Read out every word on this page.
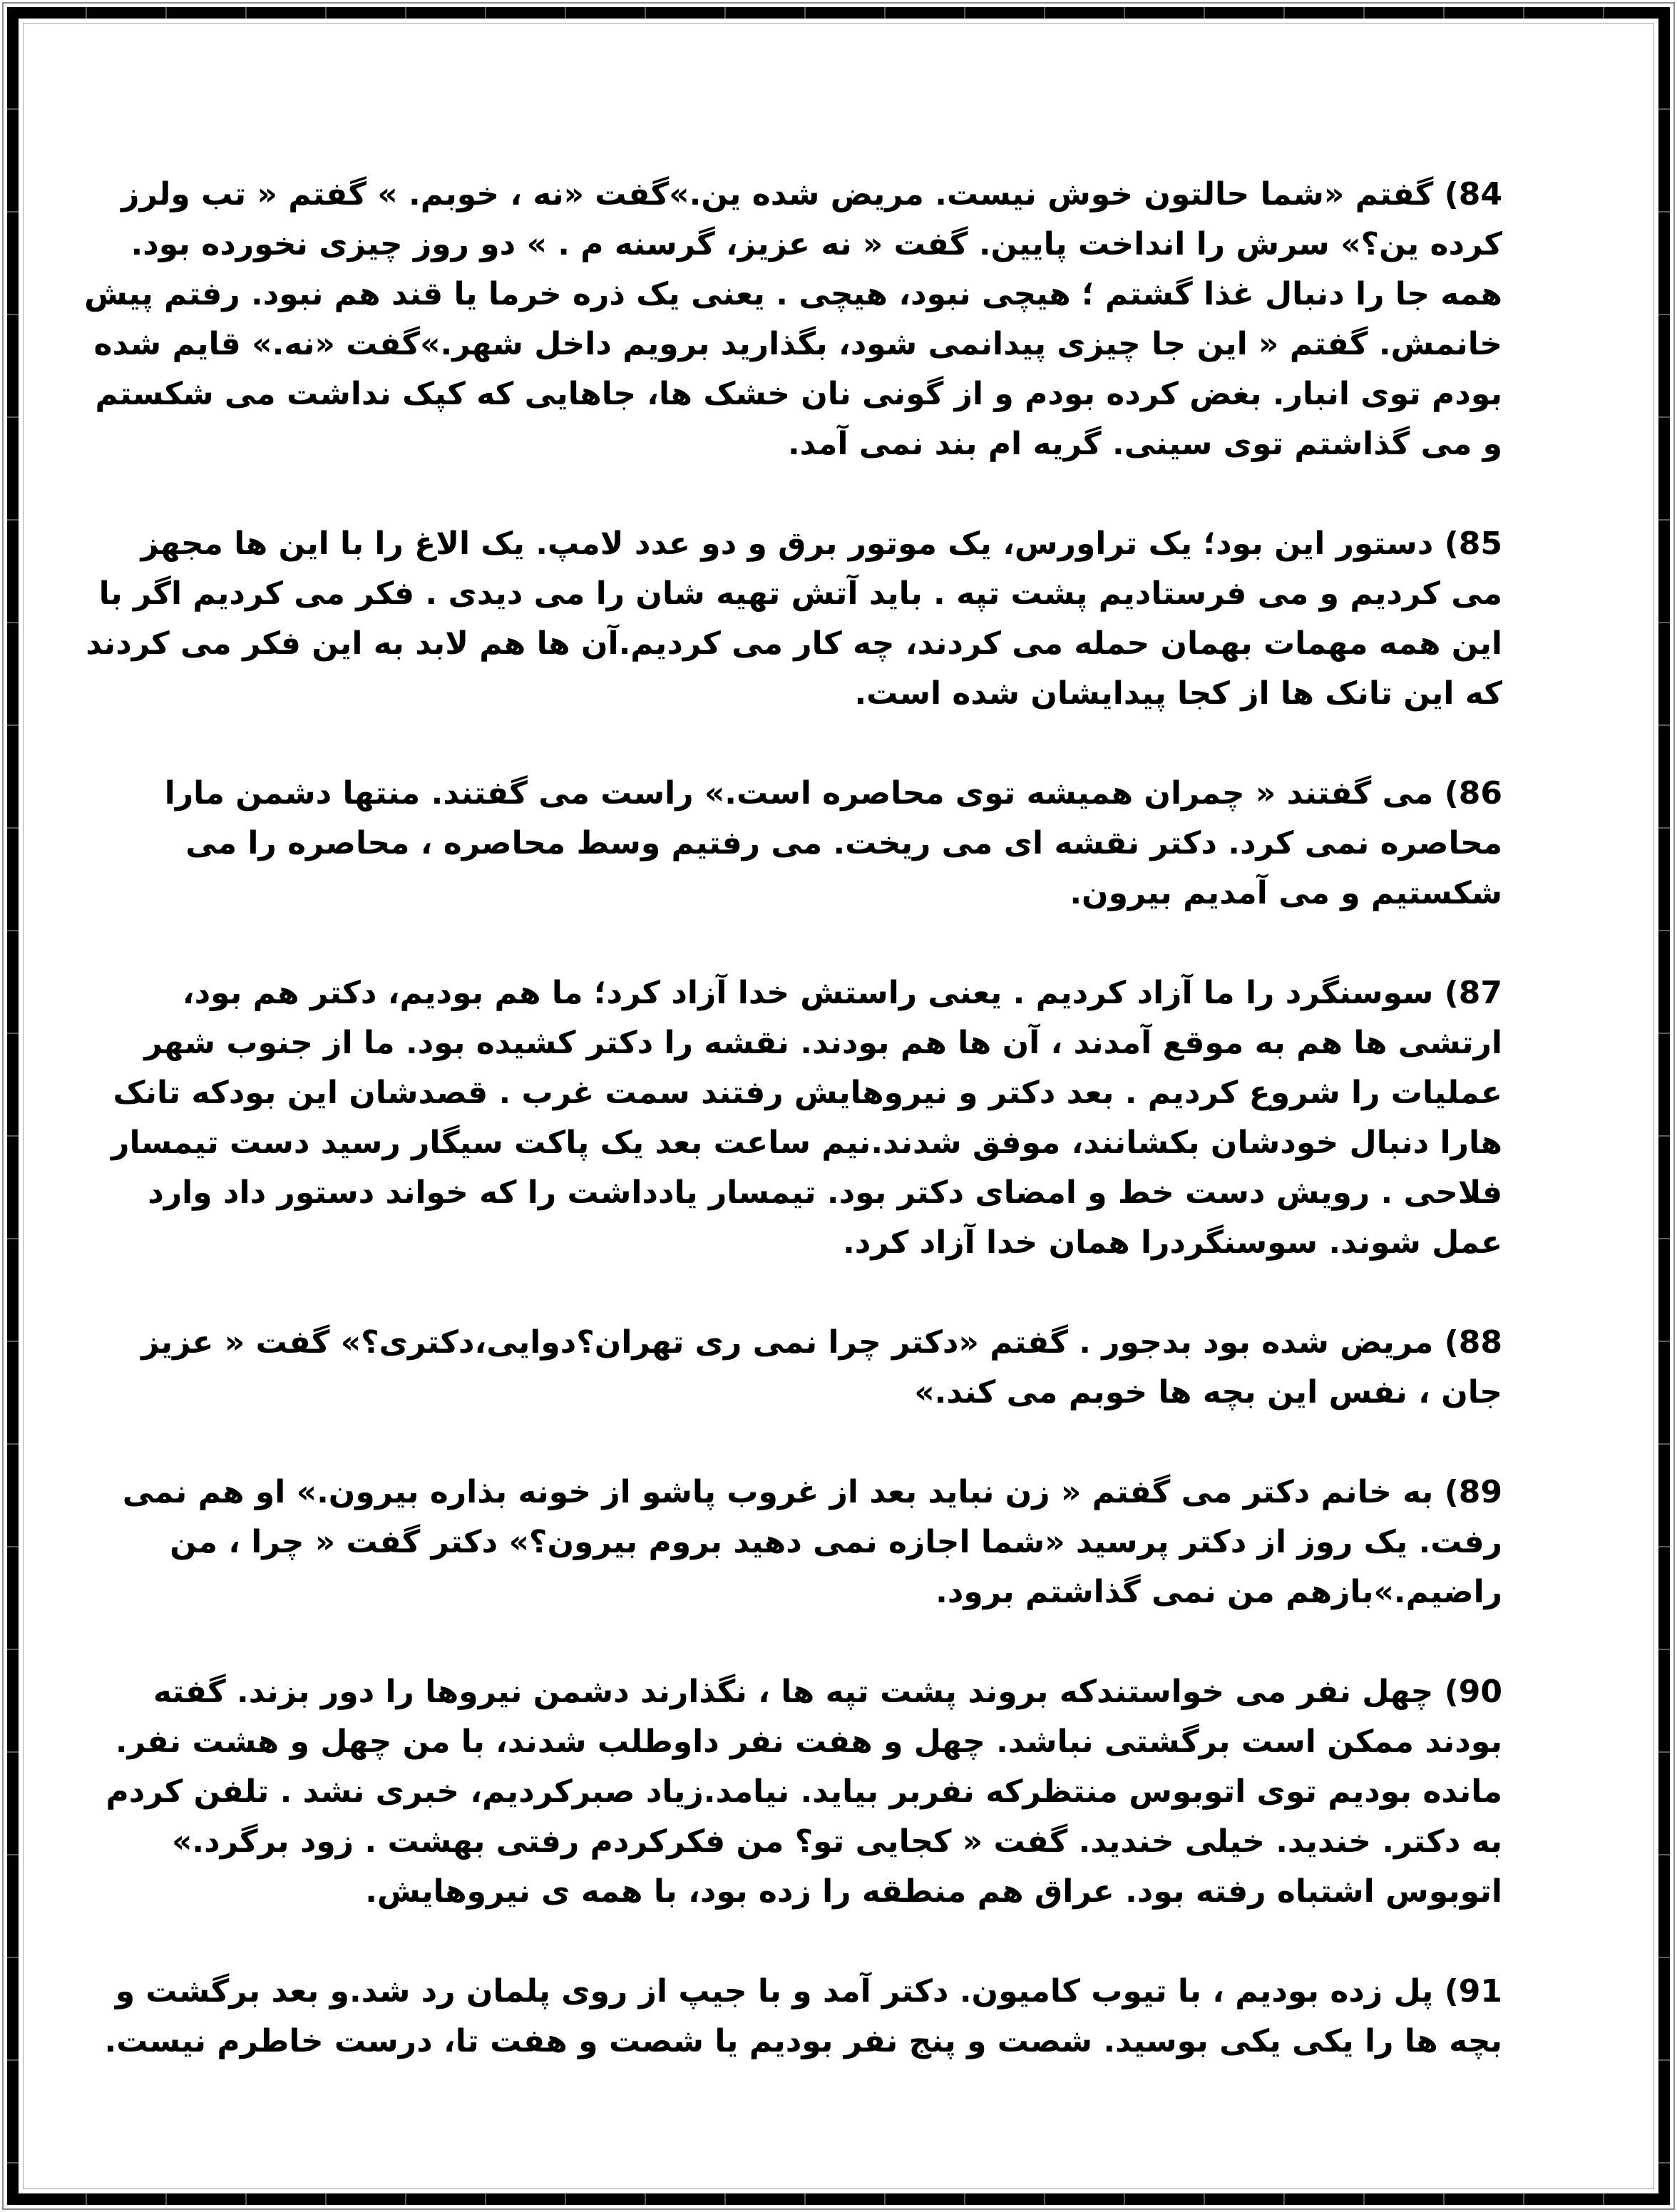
84) گفتم «شما حالتون خوش نیست. مریض شده ین.»گفت «نه ، خوبم. » گفتم « تب ولرز کرده ین؟» سرش را انداخت پایین. گفت « نه عزیز، گرسنه م . » دو روز چیزی نخورده بود. همه جا را دنبال غذا گشتم ؛ هیچی نبود، هیچی . یعنی یک ذره خرما یا قند هم نبود. رفتم پیش خانمش. گفتم « این جا چیزی پیدانمی شود، بگذارید برویم داخل شهر.»گفت «نه.» قایم شده بودم توی انبار. بغض کرده بودم و از گونی نان خشک ها، جاهایی که کپک نداشت می شکستم و می گذاشتم توی سینی. گریه ام بند نمی آمد.

85) دستور این بود؛ یک تراورس، یک موتور برق و دو عدد لامپ. یک الاغ را با این ها مجهز می کردیم و می فرستادیم پشت تپه . باید آتش تهیه شان را می دیدی . فکر می کردیم اگر با این همه مهمات بهمان حمله می کردند، چه کار می کردیم.آن ها هم لابد به این فکر می کردند که این تانک ها از کجا پیدایشان شده است.

86) می گفتند « چمران همیشه توی محاصره است.» راست می گفتند. منتها دشمن مارا محاصره نمی کرد. دکتر نقشه ای می ریخت. می رفتیم وسط محاصره ، محاصره را می شکستیم و می آمدیم بیرون.

87) سوسنگرد را ما آزاد کردیم . یعنی راستش خدا آزاد کرد؛ ما هم بودیم، دکتر هم بود، ارتشی ها هم به موقع آمدند ، آن ها هم بودند. نقشه را دکتر کشیده بود. ما از جنوب شهر عملیات را شروع کردیم . بعد دکتر و نیروهایش رفتند سمت غرب . قصدشان این بودکه تانک هارا دنبال خودشان بکشانند، موفق شدند.نیم ساعت بعد یک پاکت سیگار رسید دست تیمسار فلاحی . رویش دست خط و امضای دکتر بود. تیمسار یادداشت را که خواند دستور داد وارد عمل شوند. سوسنگردرا همان خدا آزاد کرد.

88) مریض شده بود بدجور . گفتم «دکتر چرا نمی ری تهران؟دوایی،دکتری؟» گفت « عزیز جان ، نفس این بچه ها خوبم می کند.»

89) به خانم دکتر می گفتم « زن نباید بعد از غروب پاشو از خونه بذاره بیرون.» او هم نمی رفت. یک روز از دکتر پرسید «شما اجازه نمی دهید بروم بیرون؟» دکتر گفت « چرا ، من راضیم.»بازهم من نمی گذاشتم برود.

90) چهل نفر می خواستندکه بروند پشت تپه ها ، نگذارند دشمن نیروها را دور بزند. گفته بودند ممکن است برگشتی نباشد. چهل و هفت نفر داوطلب شدند، با من چهل و هشت نفر. مانده بودیم توی اتوبوس منتظرکه نفربر بیاید. نیامد.زیاد صبرکردیم، خبری نشد . تلفن کردم به دکتر. خندید. خیلی خندید. گفت « کجایی تو؟ من فکرکردم رفتی بهشت . زود برگرد.» اتوبوس اشتباه رفته بود. عراق هم منطقه را زده بود، با همه ی نیروهایش.

91) پل زده بودیم ، با تیوب کامیون. دکتر آمد و با جیپ از روی پلمان رد شد.و بعد برگشت و بچه ها را یکی یکی بوسید. شصت و پنج نفر بودیم یا شصت و هفت تا، درست خاطرم نیست.
